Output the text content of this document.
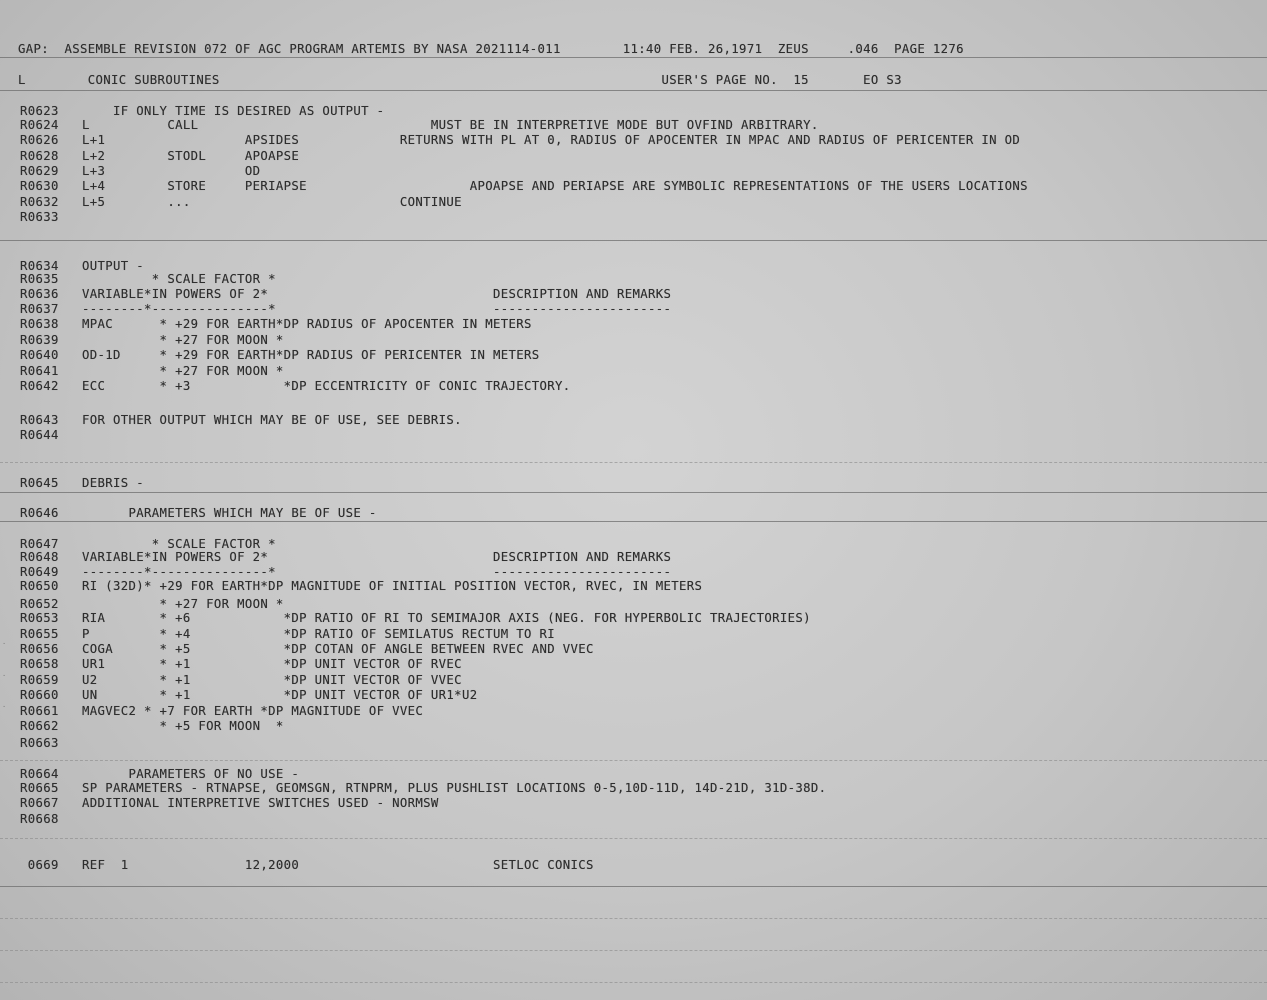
GAP:  ASSEMBLE REVISION 072 OF AGC PROGRAM ARTEMIS BY NASA 2021114-011        11:40 FEB. 26,1971  ZEUS     .046  PAGE 1276
L        CONIC SUBROUTINES                                                         USER'S PAGE NO.  15       EO S3
R0623       IF ONLY TIME IS DESIRED AS OUTPUT -
R0624   L          CALL                              MUST BE IN INTERPRETIVE MODE BUT OVFIND ARBITRARY.
R0626   L+1                  APSIDES             RETURNS WITH PL AT 0, RADIUS OF APOCENTER IN MPAC AND RADIUS OF PERICENTER IN OD
R0628   L+2        STODL     APOAPSE
R0629   L+3                  OD
R0630   L+4        STORE     PERIAPSE                     APOAPSE AND PERIAPSE ARE SYMBOLIC REPRESENTATIONS OF THE USERS LOCATIONS
R0632   L+5        ...                           CONTINUE
R0633
R0634   OUTPUT -
R0635            * SCALE FACTOR *
R0636   VARIABLE*IN POWERS OF 2*                             DESCRIPTION AND REMARKS
R0637   --------*---------------*                            -----------------------
R0638   MPAC      * +29 FOR EARTH*DP RADIUS OF APOCENTER IN METERS
R0639             * +27 FOR MOON *
R0640   OD-1D     * +29 FOR EARTH*DP RADIUS OF PERICENTER IN METERS
R0641             * +27 FOR MOON *
R0642   ECC       * +3            *DP ECCENTRICITY OF CONIC TRAJECTORY.
R0643   FOR OTHER OUTPUT WHICH MAY BE OF USE, SEE DEBRIS.
R0644
R0645   DEBRIS -
R0646         PARAMETERS WHICH MAY BE OF USE -
R0647            * SCALE FACTOR *
R0648   VARIABLE*IN POWERS OF 2*                             DESCRIPTION AND REMARKS
R0649   --------*---------------*                            -----------------------
R0650   RI (32D)* +29 FOR EARTH*DP MAGNITUDE OF INITIAL POSITION VECTOR, RVEC, IN METERS
R0652             * +27 FOR MOON *
R0653   RIA       * +6            *DP RATIO OF RI TO SEMIMAJOR AXIS (NEG. FOR HYPERBOLIC TRAJECTORIES)
R0655   P         * +4            *DP RATIO OF SEMILATUS RECTUM TO RI
R0656   COGA      * +5            *DP COTAN OF ANGLE BETWEEN RVEC AND VVEC
R0658   UR1       * +1            *DP UNIT VECTOR OF RVEC
R0659   U2        * +1            *DP UNIT VECTOR OF VVEC
R0660   UN        * +1            *DP UNIT VECTOR OF UR1*U2
R0661   MAGVEC2 * +7 FOR EARTH *DP MAGNITUDE OF VVEC
R0662             * +5 FOR MOON  *
R0663
R0664         PARAMETERS OF NO USE -
R0665   SP PARAMETERS - RTNAPSE, GEOMSGN, RTNPRM, PLUS PUSHLIST LOCATIONS 0-5,10D-11D, 14D-21D, 31D-38D.
R0667   ADDITIONAL INTERPRETIVE SWITCHES USED - NORMSW
R0668
0669   REF  1               12,2000                         SETLOC CONICS
·
·
·
